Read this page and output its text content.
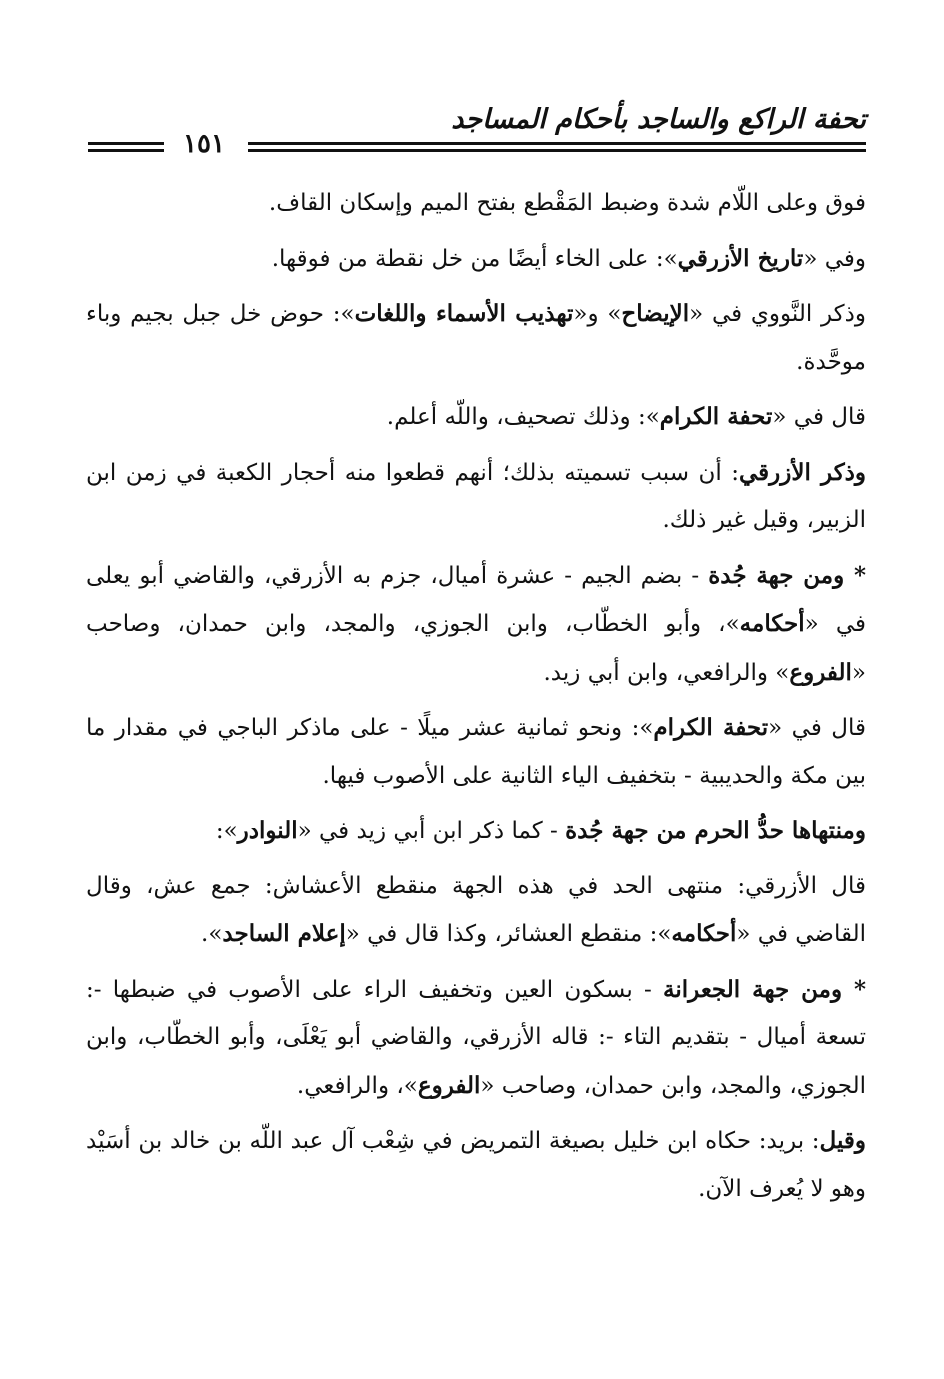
تحفة الراكع والساجد بأحكام المساجد
١٥١

فوق وعلى اللّام شدة وضبط المَقْطع بفتح الميم وإسكان القاف.

وفي «تاريخ الأزرقي»: على الخاء أيضًا من خل نقطة من فوقها.

وذكر النَّووي في «الإيضاح» و«تهذيب الأسماء واللغات»: حوض خل جبل بجيم وباء موحَّدة.

قال في «تحفة الكرام»: وذلك تصحيف، واللّه أعلم.

وذكر الأزرقي: أن سبب تسميته بذلك؛ أنهم قطعوا منه أحجار الكعبة في زمن ابن الزبير، وقيل غير ذلك.

* ومن جهة جُدة - بضم الجيم - عشرة أميال، جزم به الأزرقي، والقاضي أبو يعلى في «أحكامه»، وأبو الخطّاب، وابن الجوزي، والمجد، وابن حمدان، وصاحب «الفروع» والرافعي، وابن أبي زيد.

قال في «تحفة الكرام»: ونحو ثمانية عشر ميلًا - على ماذكر الباجي في مقدار ما بين مكة والحديبية - بتخفيف الياء الثانية على الأصوب فيها.

ومنتهاها حدُّ الحرم من جهة جُدة - كما ذكر ابن أبي زيد في «النوادر»:

قال الأزرقي: منتهى الحد في هذه الجهة منقطع الأعشاش: جمع عش، وقال القاضي في «أحكامه»: منقطع العشائر، وكذا قال في «إعلام الساجد».

* ومن جهة الجعرانة - بسكون العين وتخفيف الراء على الأصوب في ضبطها -: تسعة أميال - بتقديم التاء -: قاله الأزرقي، والقاضي أبو يَعْلَى، وأبو الخطّاب، وابن الجوزي، والمجد، وابن حمدان، وصاحب «الفروع»، والرافعي.

وقيل: بريد: حكاه ابن خليل بصيغة التمريض في شِعْب آل عبد اللّه بن خالد بن أسَيْد وهو لا يُعرف الآن.
